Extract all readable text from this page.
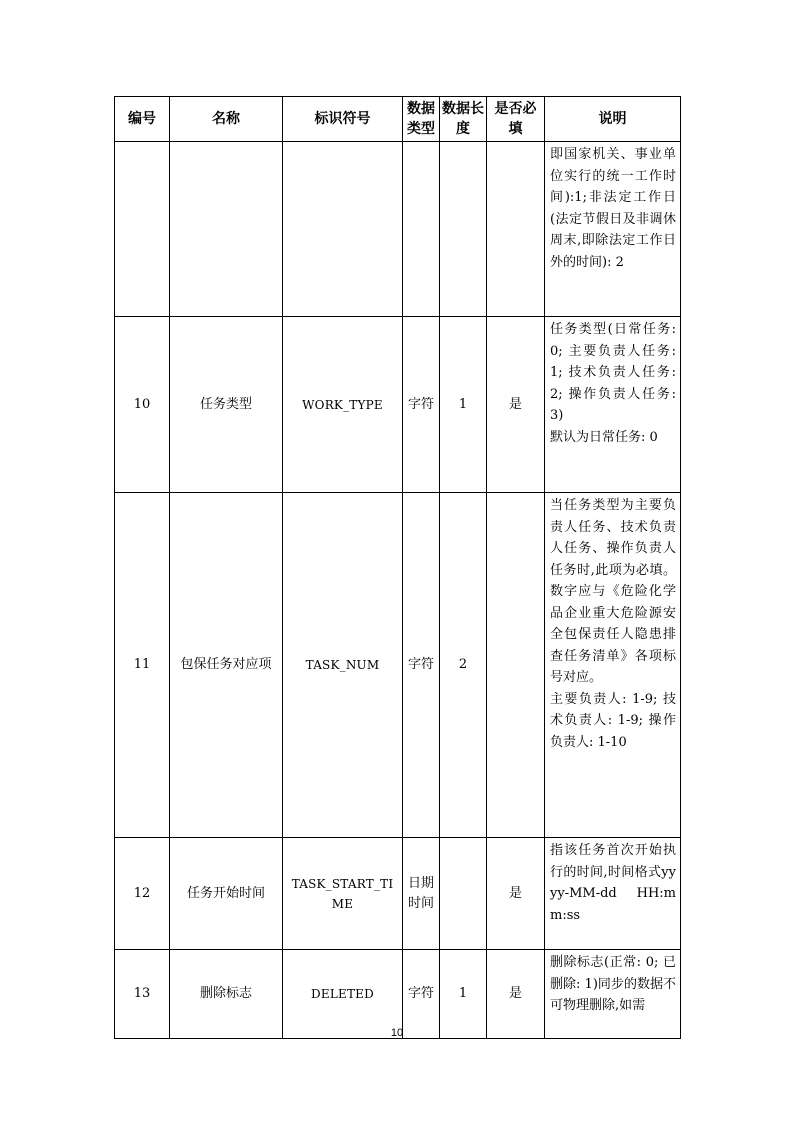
编号	名称	标识符号	数据类型	数据长度	是否必填	说明

						即国家机关、事业单位实行的统一工作时间):1;非法定工作日(法定节假日及非调休周末,即除法定工作日外的时间): 2

10	任务类型	WORK_TYPE	字符	1	是	任务类型(日常任务: 0; 主要负责人任务: 1; 技术负责人任务: 2; 操作负责人任务: 3)
默认为日常任务: 0

11	包保任务对应项	TASK_NUM	字符	2		当任务类型为主要负责人任务、技术负责人任务、操作负责人任务时,此项为必填。数字应与《危险化学品企业重大危险源安全包保责任人隐患排查任务清单》各项标号对应。
主要负责人: 1-9; 技术负责人: 1-9; 操作负责人: 1-10

12	任务开始时间	TASK_START_TIME	日期时间		是	指该任务首次开始执行的时间,时间格式yyyy-MM-dd HH:mm:ss

13	删除标志	DELETED	字符	1	是	删除标志(正常: 0; 已删除: 1)同步的数据不可物理删除,如需
10
